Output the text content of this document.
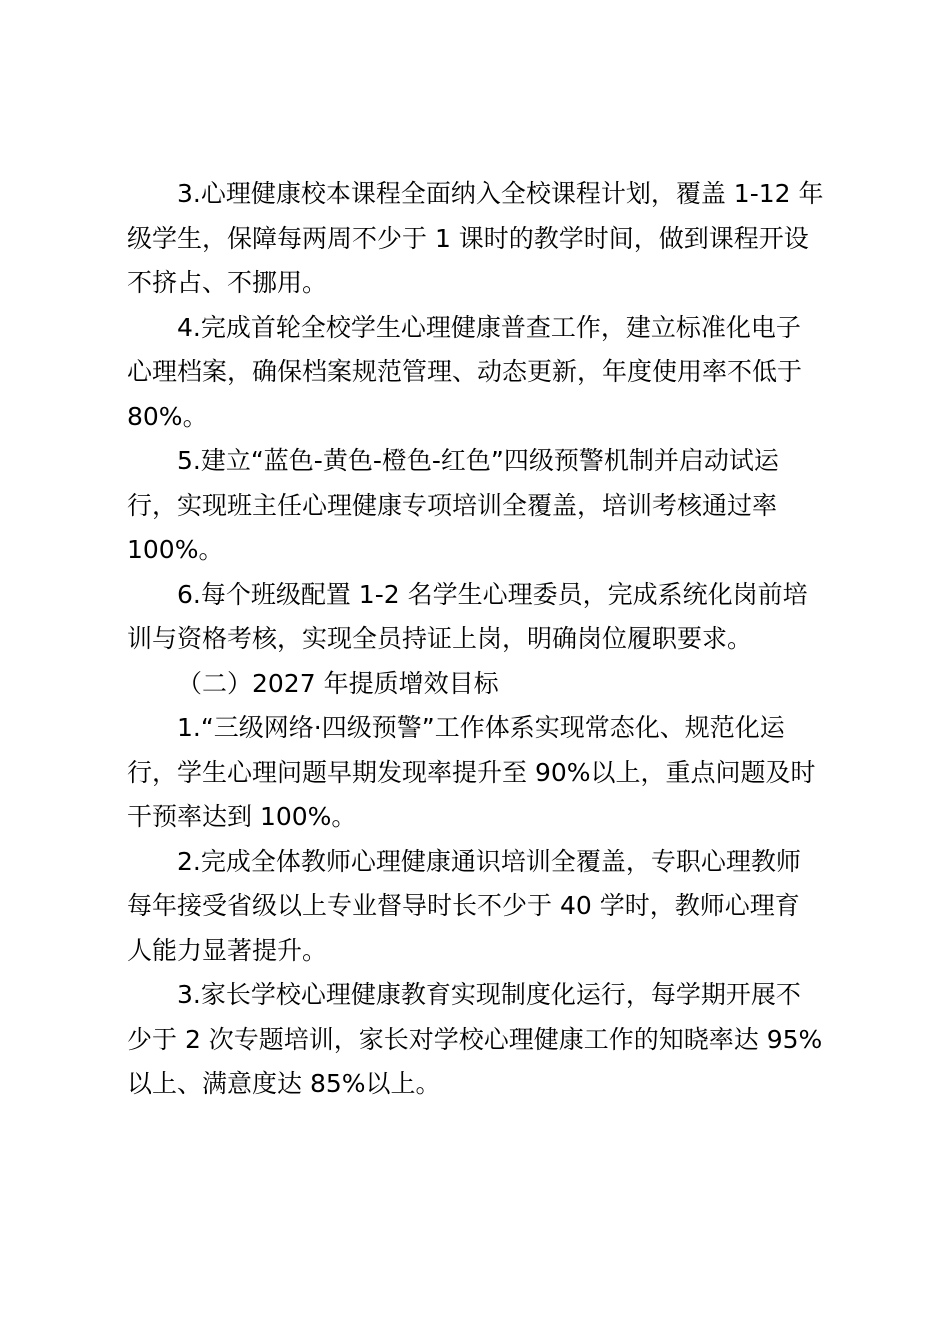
3.心理健康校本课程全面纳入全校课程计划，覆盖 1-12 年
级学生，保障每两周不少于 1 课时的教学时间，做到课程开设
不挤占、不挪用。

4.完成首轮全校学生心理健康普查工作，建立标准化电子
心理档案，确保档案规范管理、动态更新，年度使用率不低于
80%。

5.建立“蓝色-黄色-橙色-红色”四级预警机制并启动试运
行，实现班主任心理健康专项培训全覆盖，培训考核通过率
100%。

6.每个班级配置 1-2 名学生心理委员，完成系统化岗前培
训与资格考核，实现全员持证上岗，明确岗位履职要求。

（二）2027 年提质增效目标

1.“三级网络·四级预警”工作体系实现常态化、规范化运
行，学生心理问题早期发现率提升至 90%以上，重点问题及时
干预率达到 100%。

2.完成全体教师心理健康通识培训全覆盖，专职心理教师
每年接受省级以上专业督导时长不少于 40 学时，教师心理育
人能力显著提升。

3.家长学校心理健康教育实现制度化运行，每学期开展不
少于 2 次专题培训，家长对学校心理健康工作的知晓率达 95%
以上、满意度达 85%以上。
